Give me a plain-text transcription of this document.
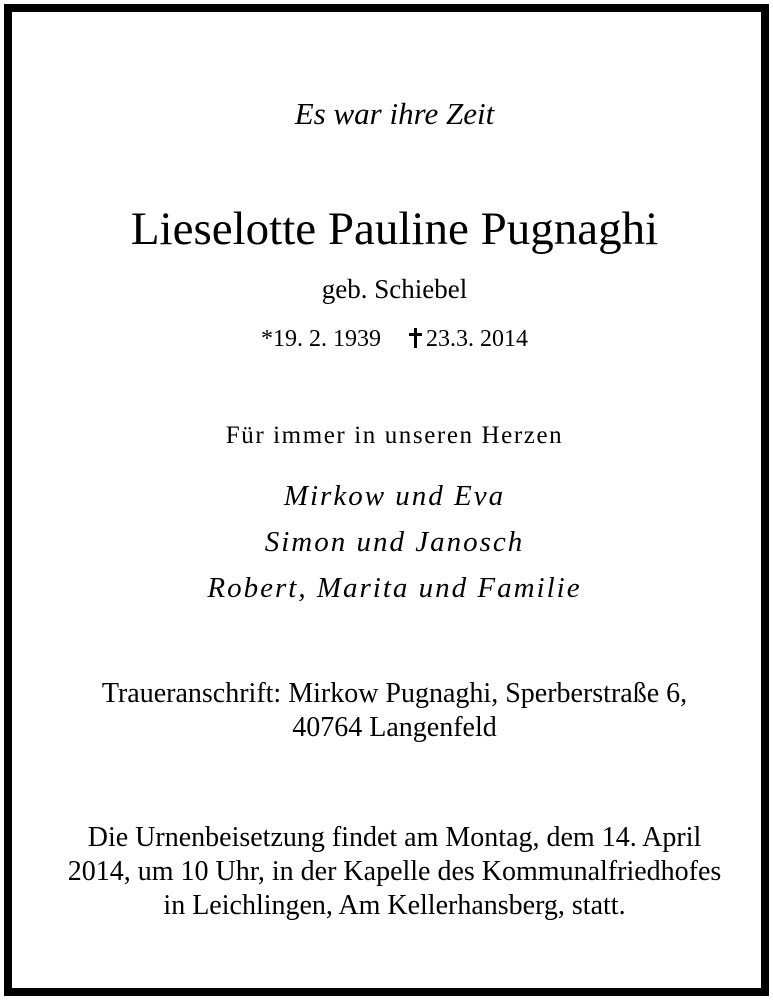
Es war ihre Zeit

Lieselotte Pauline Pugnaghi

geb. Schiebel

*19. 2. 1939 23.3. 2014

Für immer in unseren Herzen

Mirkow und Eva

Simon und Janosch

Robert, Marita und Familie

Traueranschrift: Mirkow Pugnaghi, Sperberstraße 6,

40764 Langenfeld

Die Urnenbeisetzung findet am Montag, dem 14. April

2014, um 10 Uhr, in der Kapelle des Kommunalfriedhofes

in Leichlingen, Am Kellerhansberg, statt.
